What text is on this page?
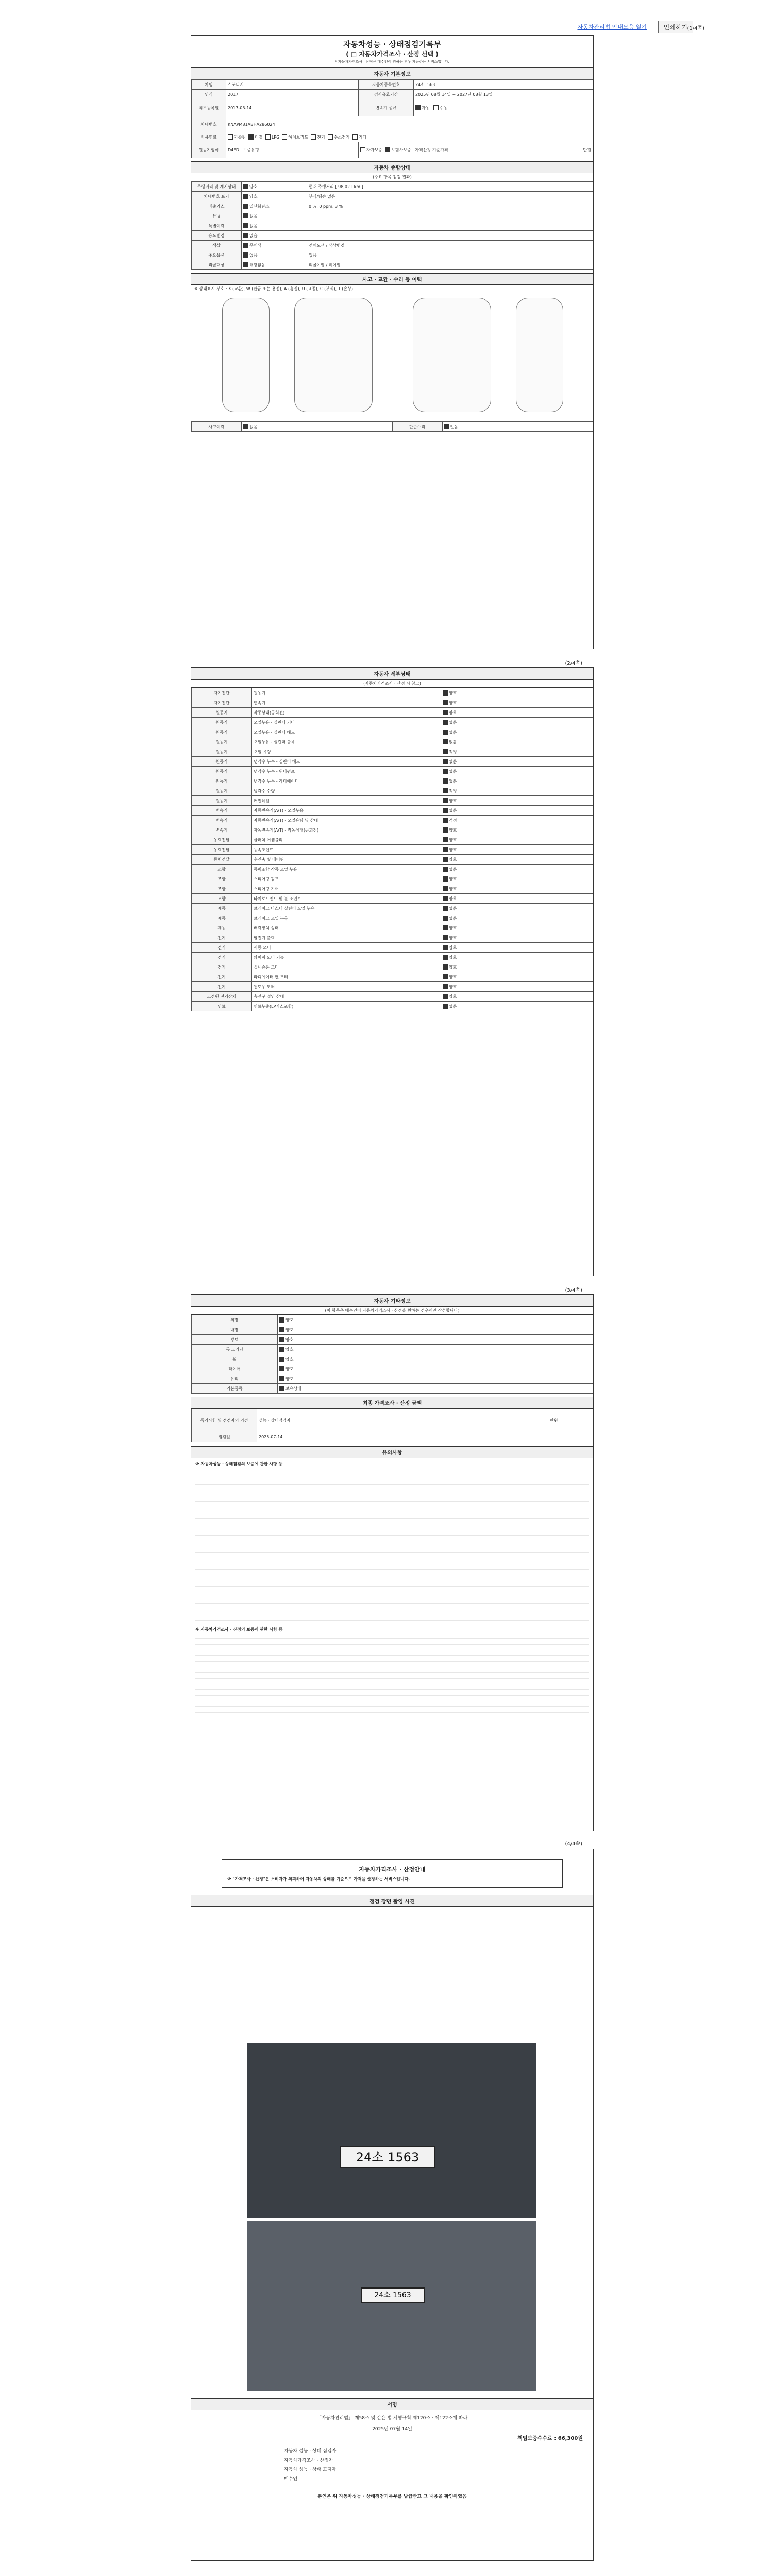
자동차관리법 안내모음 열기	인쇄하기 (1/4쪽)
자동차성능 · 상태점검기록부
( □ 자동차가격조사 · 산정 선택 )
* 자동차가격조사 · 산정은 매수인이 원하는 경우 제공하는 서비스입니다.
자동차 기본정보
차명	스포티지	자동차등록번호	24소1563
연식	2017	검사유효기간	2025년 08월 14일 ~ 2027년 08월 13일
최초등록일	2017-03-14	변속기 종류	자동 수동
차대번호	KNAPM81ABHA286024		
사용연료	가솔린 디젤 LPG 하이브리드 전기 수소전기 기타		
원동기형식	D4FD 보증유형	자가보증 보험사보증 가격산정 기준가격 만원	
자동차 종합상태
(주요 항목 점검 결과)
주행거리 및 계기상태	양호	현재 주행거리 [ 98,021 km ]
차대번호 표기	양호	부식/훼손 없음
배출가스	일산화탄소	0 %, 0 ppm, 3 %
튜닝	없음	
특별이력	없음	
용도변경	없음	
색상	무채색	전체도색 / 색상변경
주요옵션	없음	있음
리콜대상	해당없음	리콜이행 / 미이행
사고 · 교환 · 수리 등 이력
※ 상태표시 부호 : X (교환), W (판금 또는 용접), A (흠집), U (요철), C (부식), T (손상)
사고이력	없음	단순수리	없음
(2/4쪽)
자동차 세부상태
(자동차가격조사 · 산정 시 참고)
자기진단	원동기	양호
자기진단	변속기	양호
원동기	작동상태(공회전)	양호
원동기	오일누유 - 실린더 커버	없음
원동기	오일누유 - 실린더 헤드	없음
원동기	오일누유 - 실린더 블록	없음
원동기	오일 유량	적정
원동기	냉각수 누수 - 실린더 헤드	없음
원동기	냉각수 누수 - 워터펌프	없음
원동기	냉각수 누수 - 라디에이터	없음
원동기	냉각수 수량	적정
원동기	커먼레일	양호
변속기	자동변속기(A/T) - 오일누유	없음
변속기	자동변속기(A/T) - 오일유량 및 상태	적정
변속기	자동변속기(A/T) - 작동상태(공회전)	양호
동력전달	클러치 어셈블리	양호
동력전달	등속조인트	양호
동력전달	추진축 및 베어링	양호
조향	동력조향 작동 오일 누유	없음
조향	스티어링 펌프	양호
조향	스티어링 기어	양호
조향	타이로드엔드 및 볼 조인트	양호
제동	브레이크 마스터 실린더 오일 누유	없음
제동	브레이크 오일 누유	없음
제동	배력장치 상태	양호
전기	발전기 출력	양호
전기	시동 모터	양호
전기	와이퍼 모터 기능	양호
전기	실내송풍 모터	양호
전기	라디에이터 팬 모터	양호
전기	윈도우 모터	양호
고전원 전기장치	충전구 절연 상태	양호
연료	연료누출(LP가스포함)	없음
(3/4쪽)
자동차 기타정보
(이 항목은 매수인이 자동차가격조사 · 산정을 원하는 경우에만 작성합니다)
외장	양호
내장	양호
광택	양호
룸 크리닝	양호
휠	양호
타이어	양호
유리	양호
기본품목	보유상태
최종 가격조사 · 산정 금액
특기사항 및 점검자의 의견	성능 · 상태점검자	만원
점검일	2025-07-14	
유의사항

※ 자동차성능 · 상태점검의 보증에 관한 사항 등

※ 자동차가격조사 · 산정의 보증에 관한 사항 등

(4/4쪽)
자동차가격조사 · 산정안내
※ "가격조사 · 산정"은 소비자가 의뢰하여 자동차의 상태를 기준으로 가격을 산정하는 서비스입니다.
점검 장면 촬영 사진
24소 1563
24소 1563
서명
「자동차관리법」 제58조 및 같은 법 시행규칙 제120조 · 제122조에 따라
2025년 07월 14일
책임보증수수료 : 66,300원
자동차 성능 · 상태 점검자
자동차가격조사 · 산정자
자동차 성능 · 상태 고지자
매수인
본인은 위 자동차성능 · 상태점검기록부를 발급받고 그 내용을 확인하였음
